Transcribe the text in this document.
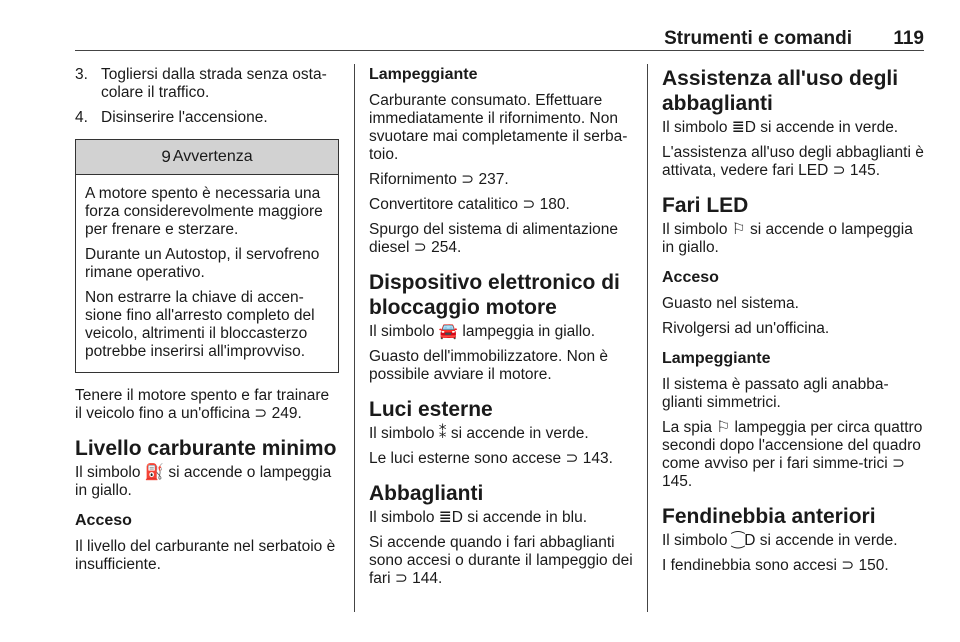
Strumenti e comandi 119
3. Togliersi dalla strada senza osta-colare il traffico.
4. Disinserire l'accensione.
9 Avvertenza

A motore spento è necessaria una forza considerevolmente maggiore per frenare e sterzare.

Durante un Autostop, il servofreno rimane operativo.

Non estrarre la chiave di accen-sione fino all'arresto completo del veicolo, altrimenti il bloccasterzo potrebbe inserirsi all'improvviso.

Tenere il motore spento e far trainare il veicolo fino a un'officina ⊃ 249.

Livello carburante minimo

Il simbolo ⛽ si accende o lampeggia in giallo.

Acceso

Il livello del carburante nel serbatoio è insufficiente.

Lampeggiante

Carburante consumato. Effettuare immediatamente il rifornimento. Non svuotare mai completamente il serba-toio.

Rifornimento ⊃ 237.

Convertitore catalitico ⊃ 180.

Spurgo del sistema di alimentazione diesel ⊃ 254.

Dispositivo elettronico di bloccaggio motore

Il simbolo 🚘 lampeggia in giallo.

Guasto dell'immobilizzatore. Non è possibile avviare il motore.

Luci esterne

Il simbolo ⁑ si accende in verde.

Le luci esterne sono accese ⊃ 143.

Abbaglianti

Il simbolo ≣D si accende in blu.

Si accende quando i fari abbaglianti sono accesi o durante il lampeggio dei fari ⊃ 144.

Assistenza all'uso degli abbaglianti

Il simbolo ≣D si accende in verde.

L'assistenza all'uso degli abbaglianti è attivata, vedere fari LED ⊃ 145.

Fari LED

Il simbolo ⚐ si accende o lampeggia in giallo.

Acceso

Guasto nel sistema.

Rivolgersi ad un'officina.

Lampeggiante

Il sistema è passato agli anabba-glianti simmetrici.

La spia ⚐ lampeggia per circa quattro secondi dopo l'accensione del quadro come avviso per i fari simme-trici ⊃ 145.

Fendinebbia anteriori

Il simbolo ⁐D si accende in verde.

I fendinebbia sono accesi ⊃ 150.
